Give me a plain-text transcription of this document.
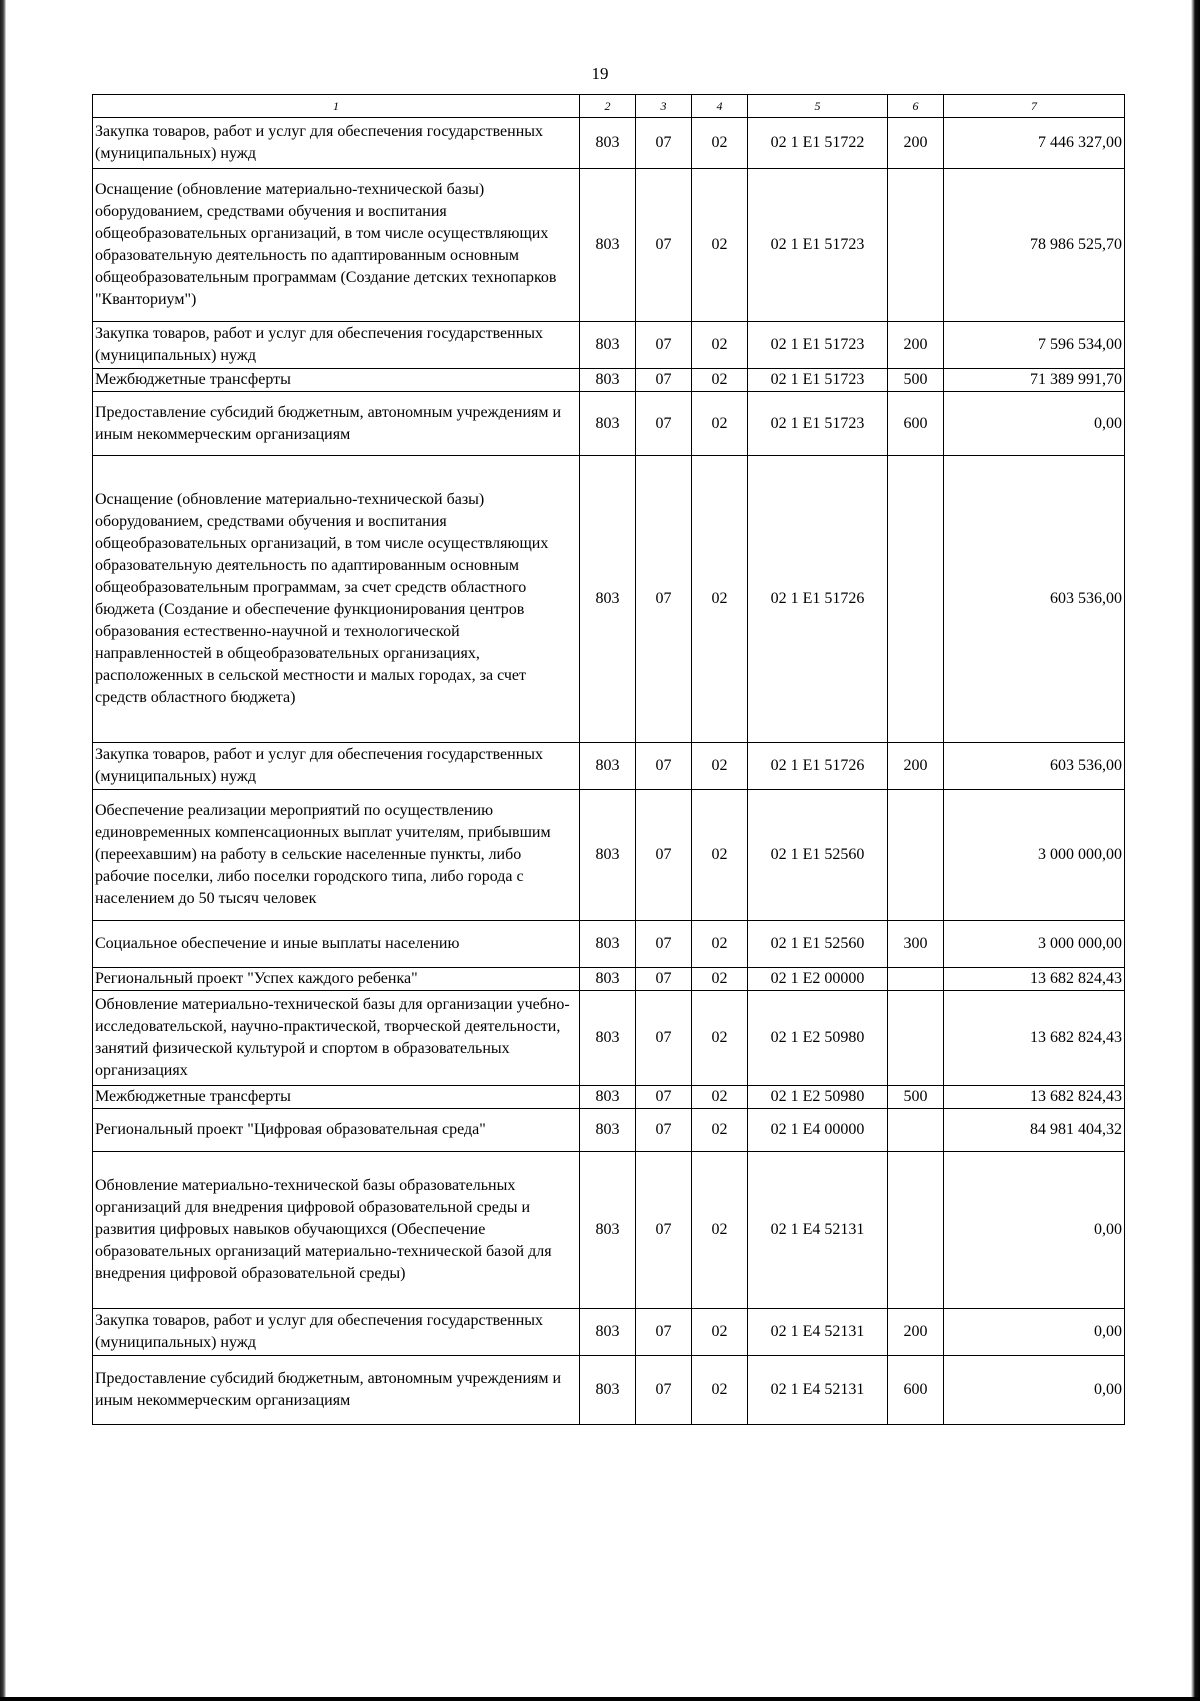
19
1	2	3	4	5	6	7
Закупка товаров, работ и услуг для обеспечения государственных (муниципальных) нужд	803	07	02	02 1 E1 51722	200	7 446 327,00
Оснащение (обновление материально-технической базы) оборудованием, средствами обучения и воспитания общеобразовательных организаций, в том числе осуществляющих образовательную деятельность по адаптированным основным общеобразовательным программам (Создание детских технопарков "Кванториум")	803	07	02	02 1 E1 51723		78 986 525,70
Закупка товаров, работ и услуг для обеспечения государственных (муниципальных) нужд	803	07	02	02 1 E1 51723	200	7 596 534,00
Межбюджетные трансферты	803	07	02	02 1 E1 51723	500	71 389 991,70
Предоставление субсидий бюджетным, автономным учреждениям и иным некоммерческим организациям	803	07	02	02 1 E1 51723	600	0,00
Оснащение (обновление материально-технической базы) оборудованием, средствами обучения и воспитания общеобразовательных организаций, в том числе осуществляющих образовательную деятельность по адаптированным основным общеобразовательным программам, за счет средств областного бюджета (Создание и обеспечение функционирования центров образования естественно-научной и технологической направленностей в общеобразовательных организациях, расположенных в сельской местности и малых городах, за счет средств областного бюджета)	803	07	02	02 1 E1 51726		603 536,00
Закупка товаров, работ и услуг для обеспечения государственных (муниципальных) нужд	803	07	02	02 1 E1 51726	200	603 536,00
Обеспечение реализации мероприятий по осуществлению единовременных компенсационных выплат учителям, прибывшим (переехавшим) на работу в сельские населенные пункты, либо рабочие поселки, либо поселки городского типа, либо города с населением до 50 тысяч человек	803	07	02	02 1 E1 52560		3 000 000,00
Социальное обеспечение и иные выплаты населению	803	07	02	02 1 E1 52560	300	3 000 000,00
Региональный проект "Успех каждого ребенка"	803	07	02	02 1 E2 00000		13 682 824,43
Обновление материально-технической базы для организации учебно-исследовательской, научно-практической, творческой деятельности, занятий физической культурой и спортом в образовательных организациях	803	07	02	02 1 E2 50980		13 682 824,43
Межбюджетные трансферты	803	07	02	02 1 E2 50980	500	13 682 824,43
Региональный проект "Цифровая образовательная среда"	803	07	02	02 1 E4 00000		84 981 404,32
Обновление материально-технической базы образовательных организаций для внедрения цифровой образовательной среды и развития цифровых навыков обучающихся (Обеспечение образовательных организаций материально-технической базой для внедрения цифровой образовательной среды)	803	07	02	02 1 E4 52131		0,00
Закупка товаров, работ и услуг для обеспечения государственных (муниципальных) нужд	803	07	02	02 1 E4 52131	200	0,00
Предоставление субсидий бюджетным, автономным учреждениям и иным некоммерческим организациям	803	07	02	02 1 E4 52131	600	0,00
